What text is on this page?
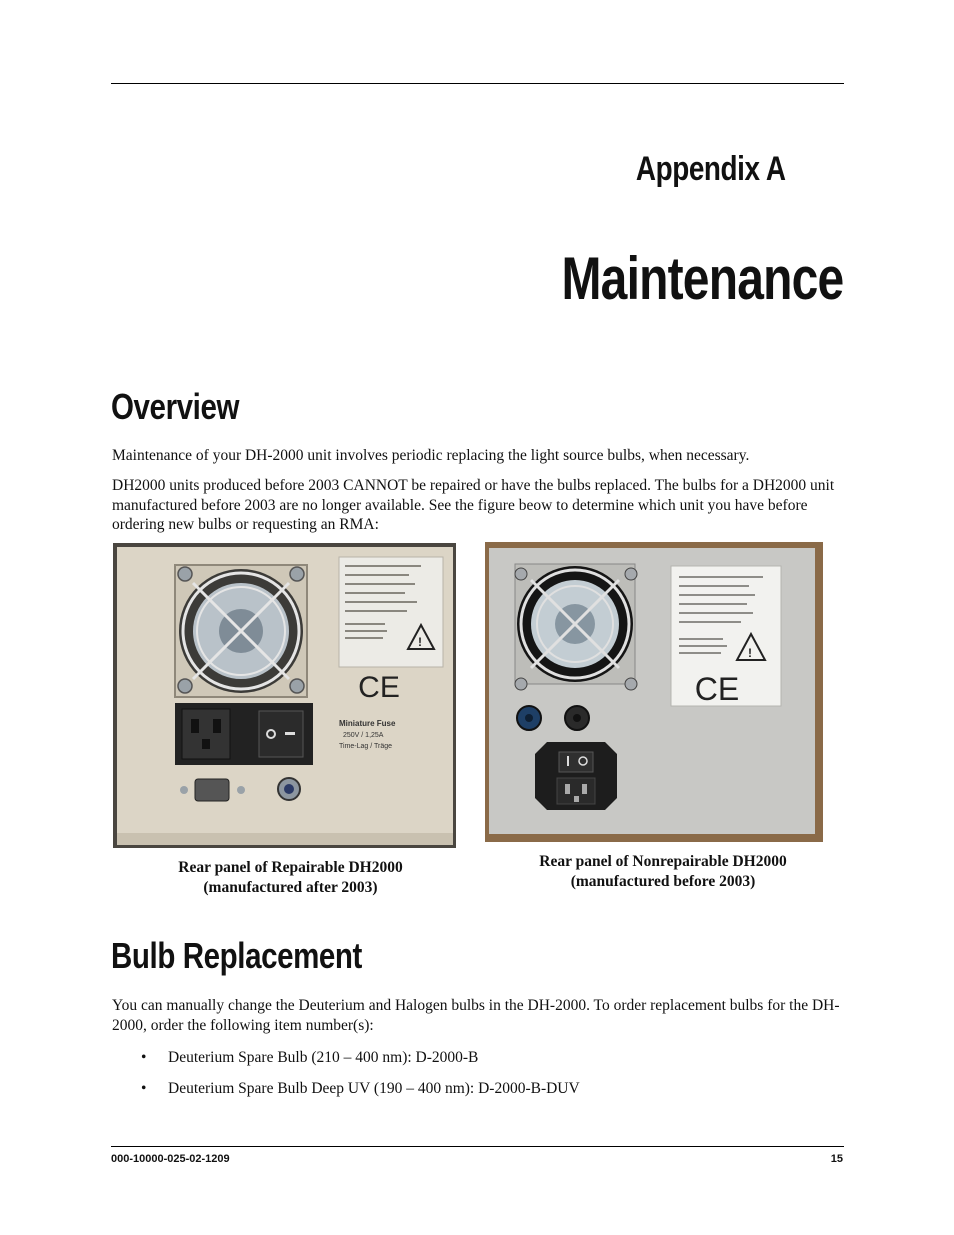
Appendix A
Maintenance
Overview

Maintenance of your DH-2000 unit involves periodic replacing the light source bulbs, when necessary.

DH2000 units produced before 2003 CANNOT be repaired or have the bulbs replaced. The bulbs for a DH2000 unit manufactured before 2003 are no longer available. See the figure beow to determine which unit you have before ordering new bulbs or requesting an RMA:

!
CE
Miniature Fuse
250V / 1,25A
Time-Lag / Träge
!
CE
Rear panel of Repairable DH2000
(manufactured after 2003)
Rear panel of Nonrepairable DH2000
(manufactured before 2003)
Bulb Replacement

You can manually change the Deuterium and Halogen bulbs in the DH-2000. To order replacement bulbs for the DH-2000, order the following item number(s):

• Deuterium Spare Bulb (210 – 400 nm): D-2000-B
• Deuterium Spare Bulb Deep UV (190 – 400 nm): D-2000-B-DUV
000-10000-025-02-1209	15
